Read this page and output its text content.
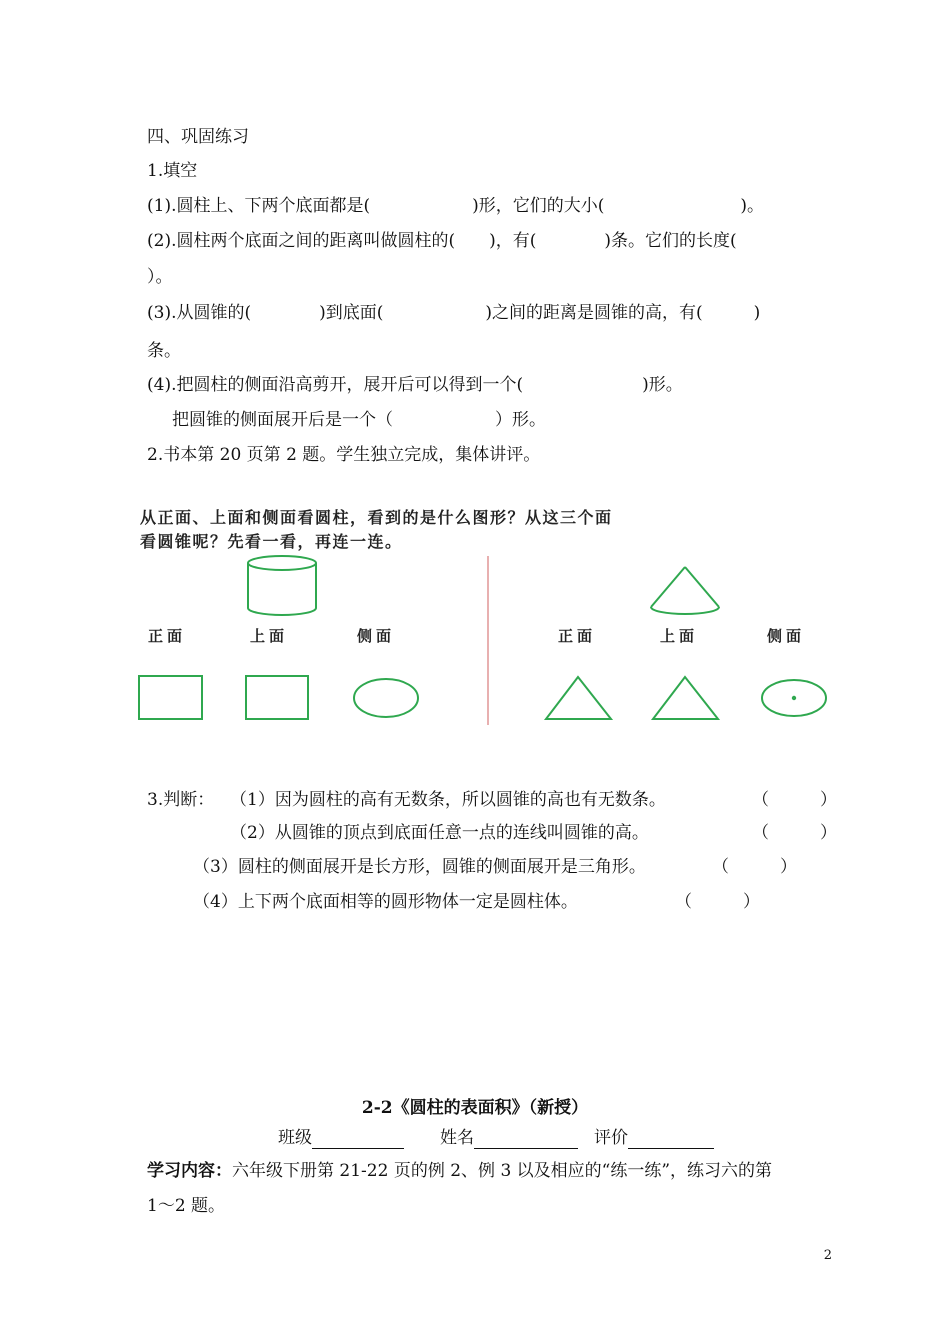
四、巩固练习
1.填空
(1).圆柱上、下两个底面都是(　　　　　　)形，它们的大小(　　　　　　　　)。
(2).圆柱两个底面之间的距离叫做圆柱的(　　)，有(　　　　)条。它们的长度(
）。
(3).从圆锥的(　　　　)到底面(　　　　　　)之间的距离是圆锥的高，有(　　　)
条。
(4).把圆柱的侧面沿高剪开，展开后可以得到一个(　　　　　　　)形。
把圆锥的侧面展开后是一个（　　　　　　）形。
2.书本第 20 页第 2 题。学生独立完成，集体讲评。
从正面、上面和侧面看圆柱，看到的是什么图形？从这三个面
看圆锥呢？先看一看，再连一连。
正面	上面	侧面	正面	上面	侧面
3.判断： （1）因为圆柱的高有无数条，所以圆锥的高也有无数条。	（　　　）
（2）从圆锥的顶点到底面任意一点的连线叫圆锥的高。	（　　　）
（3）圆柱的侧面展开是长方形，圆锥的侧面展开是三角形。	（　　　）
（4）上下两个底面相等的圆形物体一定是圆柱体。	（　　　）
2-2《圆柱的表面积》（新授）
班级	姓名	评价
学习内容：六年级下册第 21-22 页的例 2、例 3 以及相应的“练一练”，练习六的第
1～2 题。
2
